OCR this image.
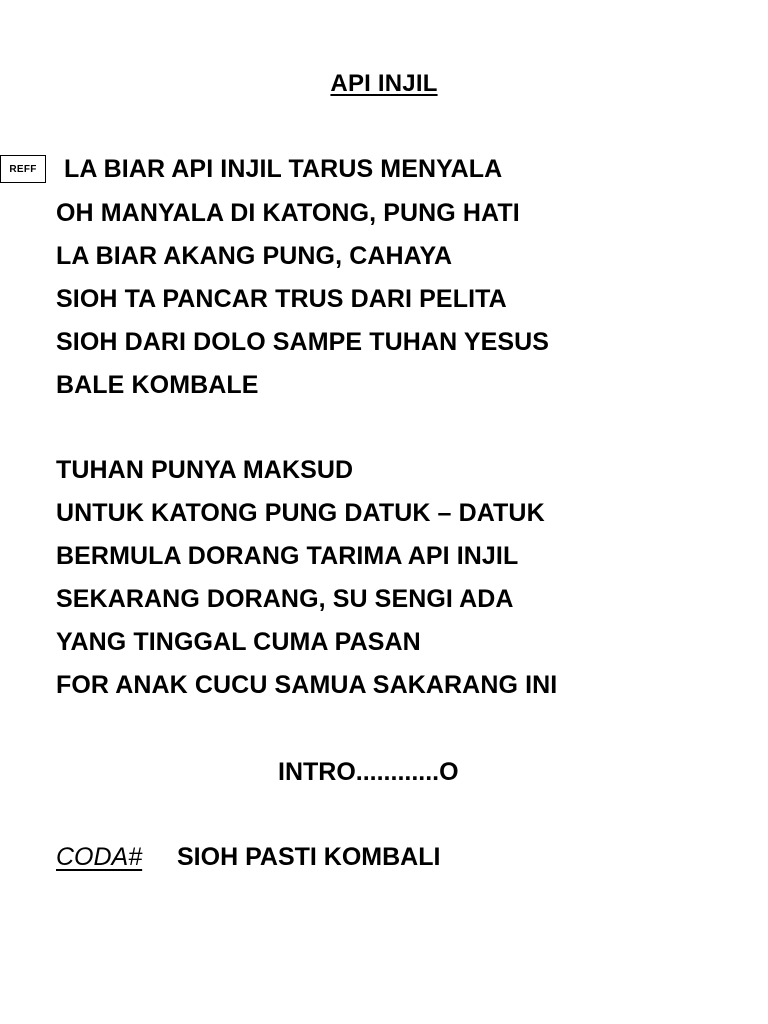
API INJIL
REFF	LA BIAR API INJIL TARUS MENYALA
OH MANYALA DI KATONG, PUNG HATI
LA BIAR AKANG PUNG, CAHAYA
SIOH TA PANCAR TRUS DARI PELITA
SIOH DARI DOLO SAMPE TUHAN YESUS
BALE KOMBALE
TUHAN PUNYA MAKSUD
UNTUK KATONG PUNG DATUK – DATUK
BERMULA DORANG TARIMA API INJIL
SEKARANG DORANG, SU SENGI ADA
YANG TINGGAL CUMA PASAN
FOR ANAK CUCU SAMUA SAKARANG INI
INTRO............O
CODA# SIOH PASTI KOMBALI
